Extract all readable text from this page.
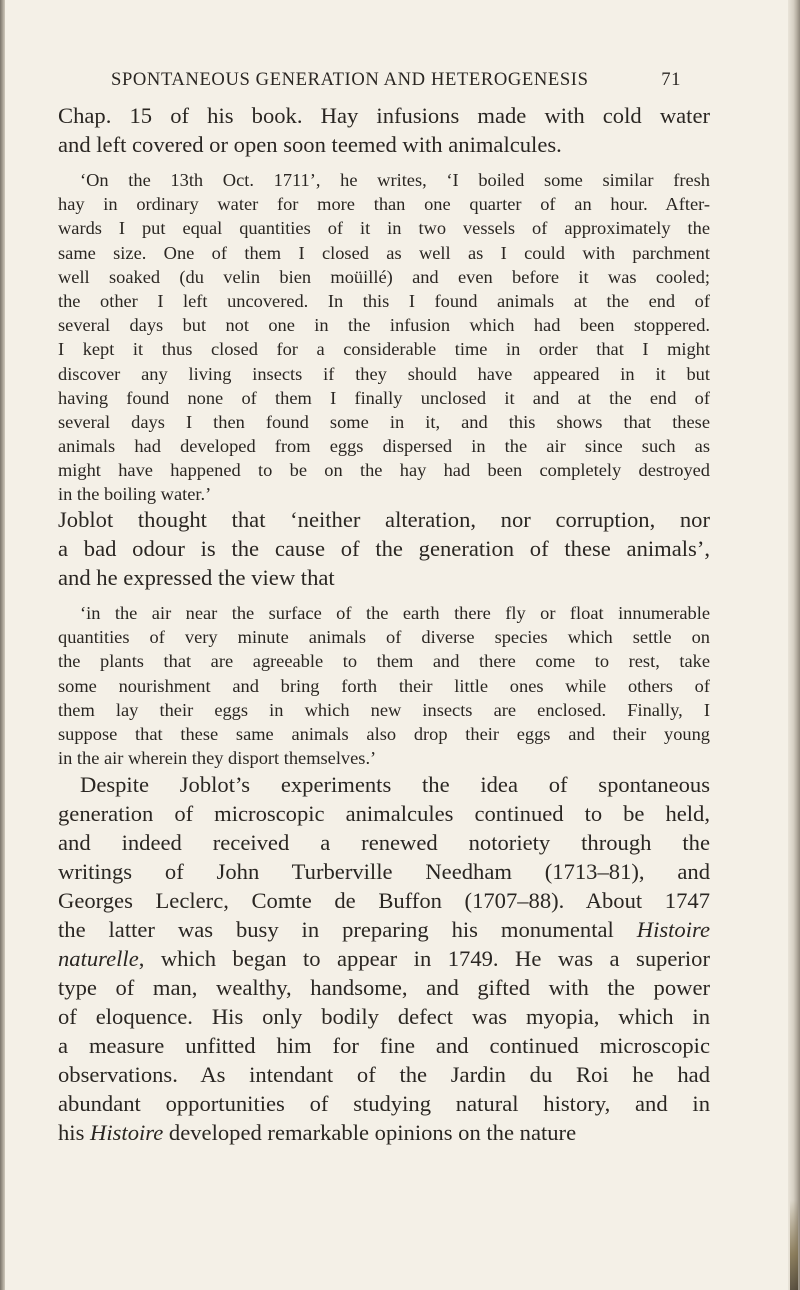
SPONTANEOUS GENERATION AND HETEROGENESIS	71
Chap. 15 of his book. Hay infusions made with cold water
and left covered or open soon teemed with animalcules.
‘On the 13th Oct. 1711’, he writes, ‘I boiled some similar fresh
hay in ordinary water for more than one quarter of an hour. After-
wards I put equal quantities of it in two vessels of approximately the
same size. One of them I closed as well as I could with parchment
well soaked (du velin bien moüillé) and even before it was cooled;
the other I left uncovered. In this I found animals at the end of
several days but not one in the infusion which had been stoppered.
I kept it thus closed for a considerable time in order that I might
discover any living insects if they should have appeared in it but
having found none of them I finally unclosed it and at the end of
several days I then found some in it, and this shows that these
animals had developed from eggs dispersed in the air since such as
might have happened to be on the hay had been completely destroyed
in the boiling water.’
Joblot thought that ‘neither alteration, nor corruption, nor
a bad odour is the cause of the generation of these animals’,
and he expressed the view that
‘in the air near the surface of the earth there fly or float innumerable
quantities of very minute animals of diverse species which settle on
the plants that are agreeable to them and there come to rest, take
some nourishment and bring forth their little ones while others of
them lay their eggs in which new insects are enclosed. Finally, I
suppose that these same animals also drop their eggs and their young
in the air wherein they disport themselves.’
Despite Joblot’s experiments the idea of spontaneous
generation of microscopic animalcules continued to be held,
and indeed received a renewed notoriety through the
writings of John Turberville Needham (1713–81), and
Georges Leclerc, Comte de Buffon (1707–88). About 1747
the latter was busy in preparing his monumental Histoire
naturelle, which began to appear in 1749. He was a superior
type of man, wealthy, handsome, and gifted with the power
of eloquence. His only bodily defect was myopia, which in
a measure unfitted him for fine and continued microscopic
observations. As intendant of the Jardin du Roi he had
abundant opportunities of studying natural history, and in
his Histoire developed remarkable opinions on the nature
